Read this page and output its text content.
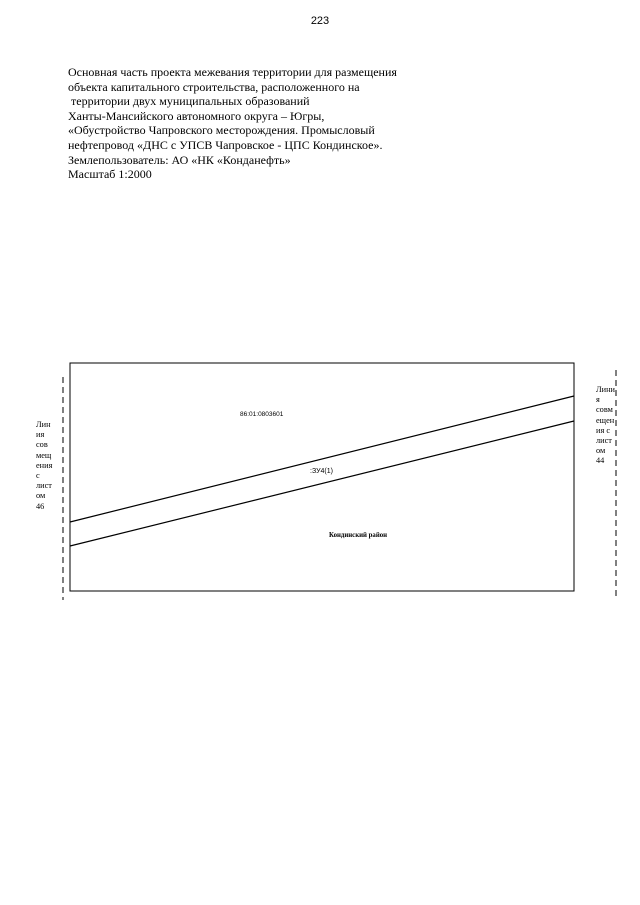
223
Основная часть проекта межевания территории для размещения
объекта капитального строительства, расположенного на
территории двух муниципальных образований
Ханты-Мансийского автономного округа – Югры,
«Обустройство Чапровского месторождения. Промысловый
нефтепровод «ДНС с УПСВ Чапровское - ЦПС Кондинское».
Землепользователь: АО «НК «Конданефть»
Масштаб 1:2000
86:01:0803601
:ЗУ4(1)
Кондинский район
Лин
ия
сов
мещ
ения
с
лист
ом
46
Лини
я
совм
ещен
ия с
лист
ом
44
